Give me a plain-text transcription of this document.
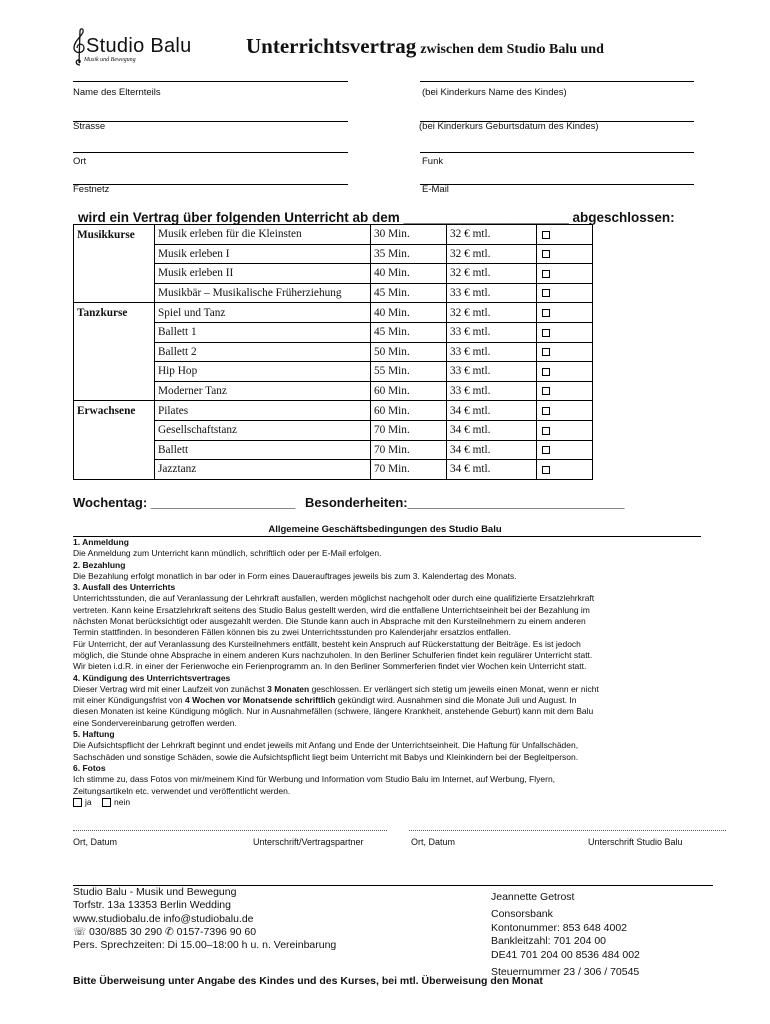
Studio Balu
Musik und Bewegung
Unterrichtsvertrag zwischen dem Studio Balu und
Name des Elternteils	(bei Kinderkurs Name des Kindes)
Strasse	(bei Kinderkurs Geburtsdatum des Kindes)
Ort	Funk
Festnetz	E-Mail
wird ein Vertrag über folgenden Unterricht ab dem ______________________ abgeschlossen:
Musikkurse	Musik erleben für die Kleinsten	30 Min.	32 € mtl.	
	Musik erleben I	35 Min.	32 € mtl.	
	Musik erleben II	40 Min.	32 € mtl.	
	Musikbär – Musikalische Früherziehung	45 Min.	33 € mtl.	
Tanzkurse	Spiel und Tanz	40 Min.	32 € mtl.	
	Ballett 1	45 Min.	33 € mtl.	
	Ballett 2	50 Min.	33 € mtl.	
	Hip Hop	55 Min.	33 € mtl.	
	Moderner Tanz	60 Min.	33 € mtl.	
Erwachsene	Pilates	60 Min.	34 € mtl.	
	Gesellschaftstanz	70 Min.	34 € mtl.	
	Ballett	70 Min.	34 € mtl.	
	Jazztanz	70 Min.	34 € mtl.	
Wochentag: ____________________ Besonderheiten:______________________________
Allgemeine Geschäftsbedingungen des Studio Balu

1. Anmeldung

Die Anmeldung zum Unterricht kann mündlich, schriftlich oder per E-Mail erfolgen.

2. Bezahlung

Die Bezahlung erfolgt monatlich in bar oder in Form eines Dauerauftrages jeweils bis zum 3. Kalendertag des Monats.

3. Ausfall des Unterrichts

Unterrichtsstunden, die auf Veranlassung der Lehrkraft ausfallen, werden möglichst nachgeholt oder durch eine qualifizierte Ersatzlehrkraft

vertreten. Kann keine Ersatzlehrkraft seitens des Studio Balus gestellt werden, wird die entfallene Unterrichtseinheit bei der Bezahlung im

nächsten Monat berücksichtigt oder ausgezahlt werden. Die Stunde kann auch in Absprache mit den Kursteilnehmern zu einem anderen

Termin stattfinden. In besonderen Fällen können bis zu zwei Unterrichtsstunden pro Kalenderjahr ersatzlos entfallen.

Für Unterricht, der auf Veranlassung des Kursteilnehmers entfällt, besteht kein Anspruch auf Rückerstattung der Beiträge. Es ist jedoch

möglich, die Stunde ohne Absprache in einem anderen Kurs nachzuholen. In den Berliner Schulferien findet kein regulärer Unterricht statt.

Wir bieten i.d.R. in einer der Ferienwoche ein Ferienprogramm an. In den Berliner Sommerferien findet vier Wochen kein Unterricht statt.

4. Kündigung des Unterrichtsvertrages

Dieser Vertrag wird mit einer Laufzeit von zunächst 3 Monaten geschlossen. Er verlängert sich stetig um jeweils einen Monat, wenn er nicht

mit einer Kündigungsfrist von 4 Wochen vor Monatsende schriftlich gekündigt wird. Ausnahmen sind die Monate Juli und August. In

diesen Monaten ist keine Kündigung möglich. Nur in Ausnahmefällen (schwere, längere Krankheit, anstehende Geburt) kann mit dem Balu

eine Sondervereinbarung getroffen werden.

5. Haftung

Die Aufsichtspflicht der Lehrkraft beginnt und endet jeweils mit Anfang und Ende der Unterrichtseinheit. Die Haftung für Unfallschäden,

Sachschäden und sonstige Schäden, sowie die Aufsichtspflicht liegt beim Unterricht mit Babys und Kleinkindern bei der Begleitperson.

6. Fotos

Ich stimme zu, dass Fotos von mir/meinem Kind für Werbung und Information vom Studio Balu im Internet, auf Werbung, Flyern,

Zeitungsartikeln etc. verwendet und veröffentlicht werden.

ja	nein

Ort, Datum	Unterschrift/Vertragspartner	Ort, Datum	Unterschrift Studio Balu
Studio Balu - Musik und Bewegung
Torfstr. 13a 13353 Berlin Wedding
www.studiobalu.de info@studiobalu.de
☏ 030/885 30 290 ✆ 0157-7396 90 60
Pers. Sprechzeiten: Di 15.00–18:00 h u. n. Vereinbarung
Jeannette Getrost
Consorsbank
Kontonummer: 853 648 4002
Bankleitzahl: 701 204 00
DE41 701 204 00 8536 484 002
Steuernummer 23 / 306 / 70545
Bitte Überweisung unter Angabe des Kindes und des Kurses, bei mtl. Überweisung den Monat
